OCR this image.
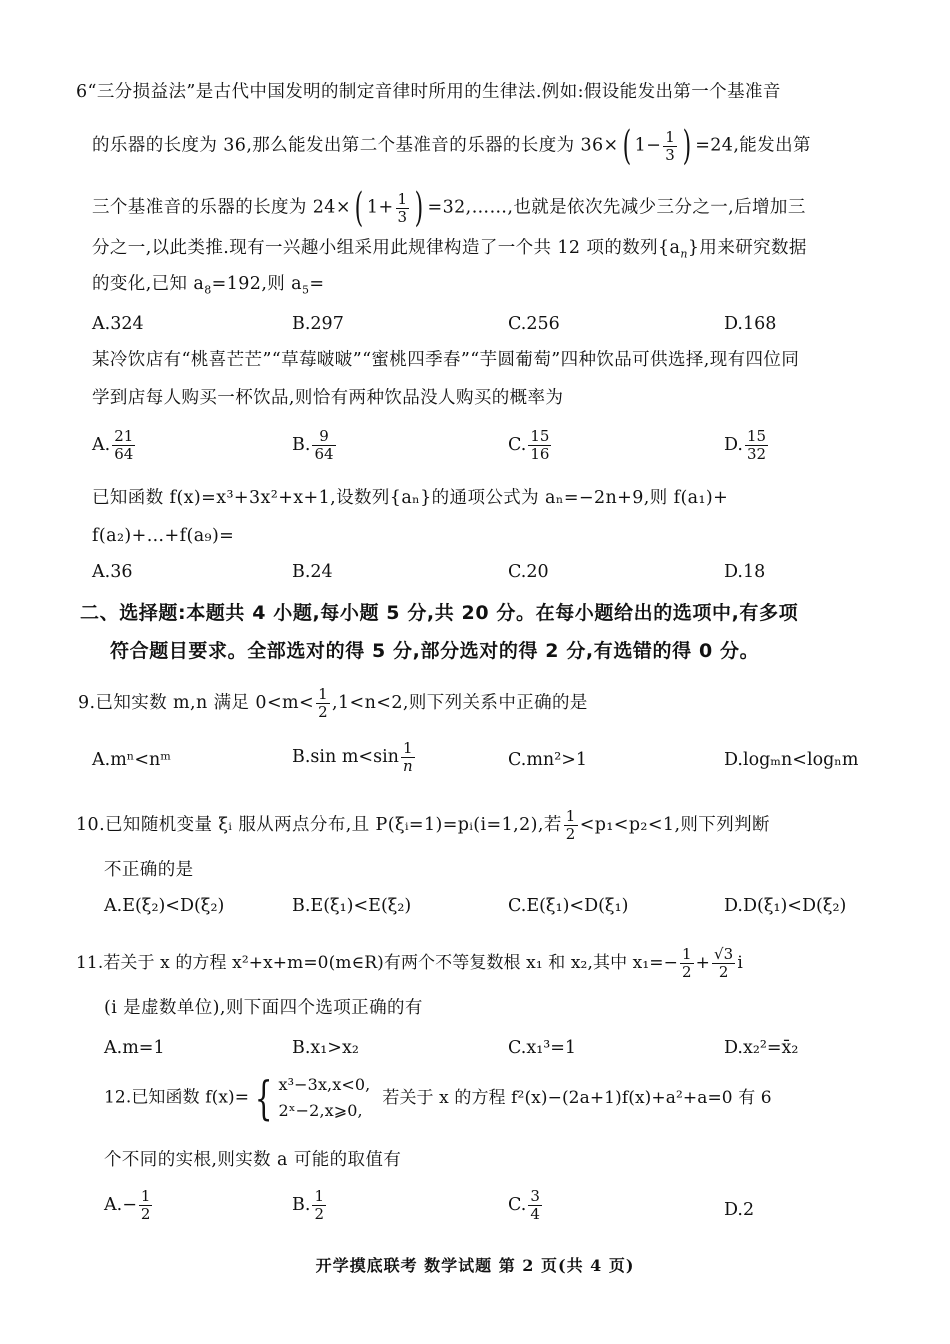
6“三分损益法”是古代中国发明的制定音律时所用的生律法.例如:假设能发出第一个基准音
的乐器的长度为 36,那么能发出第二个基准音的乐器的长度为 36×( $1- \frac{1}{3}$ ) =24,能发出第
三个基准音的乐器的长度为 24×( $1+ \frac{1}{3}$ ) =32,……,也就是依次先减少三分之一,后增加三
分之一,以此类推.现有一兴趣小组采用此规律构造了一个共 12 项的数列$\{a_n\}$用来研究数据
的变化,已知 $a_8=192$,则 $a_5=$
A.324	B.297	C.256	D.168
某冷饮店有“桃喜芒芒”“草莓啵啵”“蜜桃四季春”“芋圆葡萄”四种饮品可供选择,现有四位同
学到店每人购买一杯饮品,则恰有两种饮品没人购买的概率为
A. $\frac{21}{64}$	B. $\frac{9}{64}$	C. $\frac{15}{16}$	D. $\frac{15}{32}$
已知函数 f(x)=x³+3x²+x+1,设数列{aₙ}的通项公式为 aₙ=−2n+9,则 f(a₁)+
f(a₂)+…+f(a₉)=
A.36	B.24	C.20	D.18
二、选择题:本题共 4 小题,每小题 5 分,共 20 分。在每小题给出的选项中,有多项
符合题目要求。全部选对的得 5 分,部分选对的得 2 分,有选错的得 0 分。
9.已知实数 m,n 满足 $0<m< \frac{1}{2} ,1<n<2$,则下列关系中正确的是
A.mⁿ<nᵐ	B.sin $m<\sin \frac{1}{n}$	C.mn²>1	D.logₘn<logₙm
10.已知随机变量 ξᵢ 服从两点分布,且 P(ξᵢ=1)=pᵢ(i=1,2),若 $\frac{1}{2} <p_1<p_2<1$,则下列判断
不正确的是
A.E(ξ₂)<D(ξ₂)	B.E(ξ₁)<E(ξ₂)	C.E(ξ₁)<D(ξ₁)	D.D(ξ₁)<D(ξ₂)
11.若关于 x 的方程 x²+x+m=0(m∈R)有两个不等复数根 x₁ 和 x₂,其中 $x_1=- \frac{1}{2} + \frac{√3}{2}$ i
(i 是虚数单位),则下面四个选项正确的有
A.m=1	B.x₁>x₂	C.x₁³=1	D.x₂²=x̄₂
12.已知函数 f(x)= { x³−3x,x<0,
2ˣ−2,x⩾0,
若关于 x 的方程 f²(x)−(2a+1)f(x)+a²+a=0 有 6
个不同的实根,则实数 a 可能的取值有
$A.- \frac{1}{2}$	B. $\frac{1}{2}$	C. $\frac{3}{4}$	D.2
开学摸底联考 数学试题 第 2 页(共 4 页)
